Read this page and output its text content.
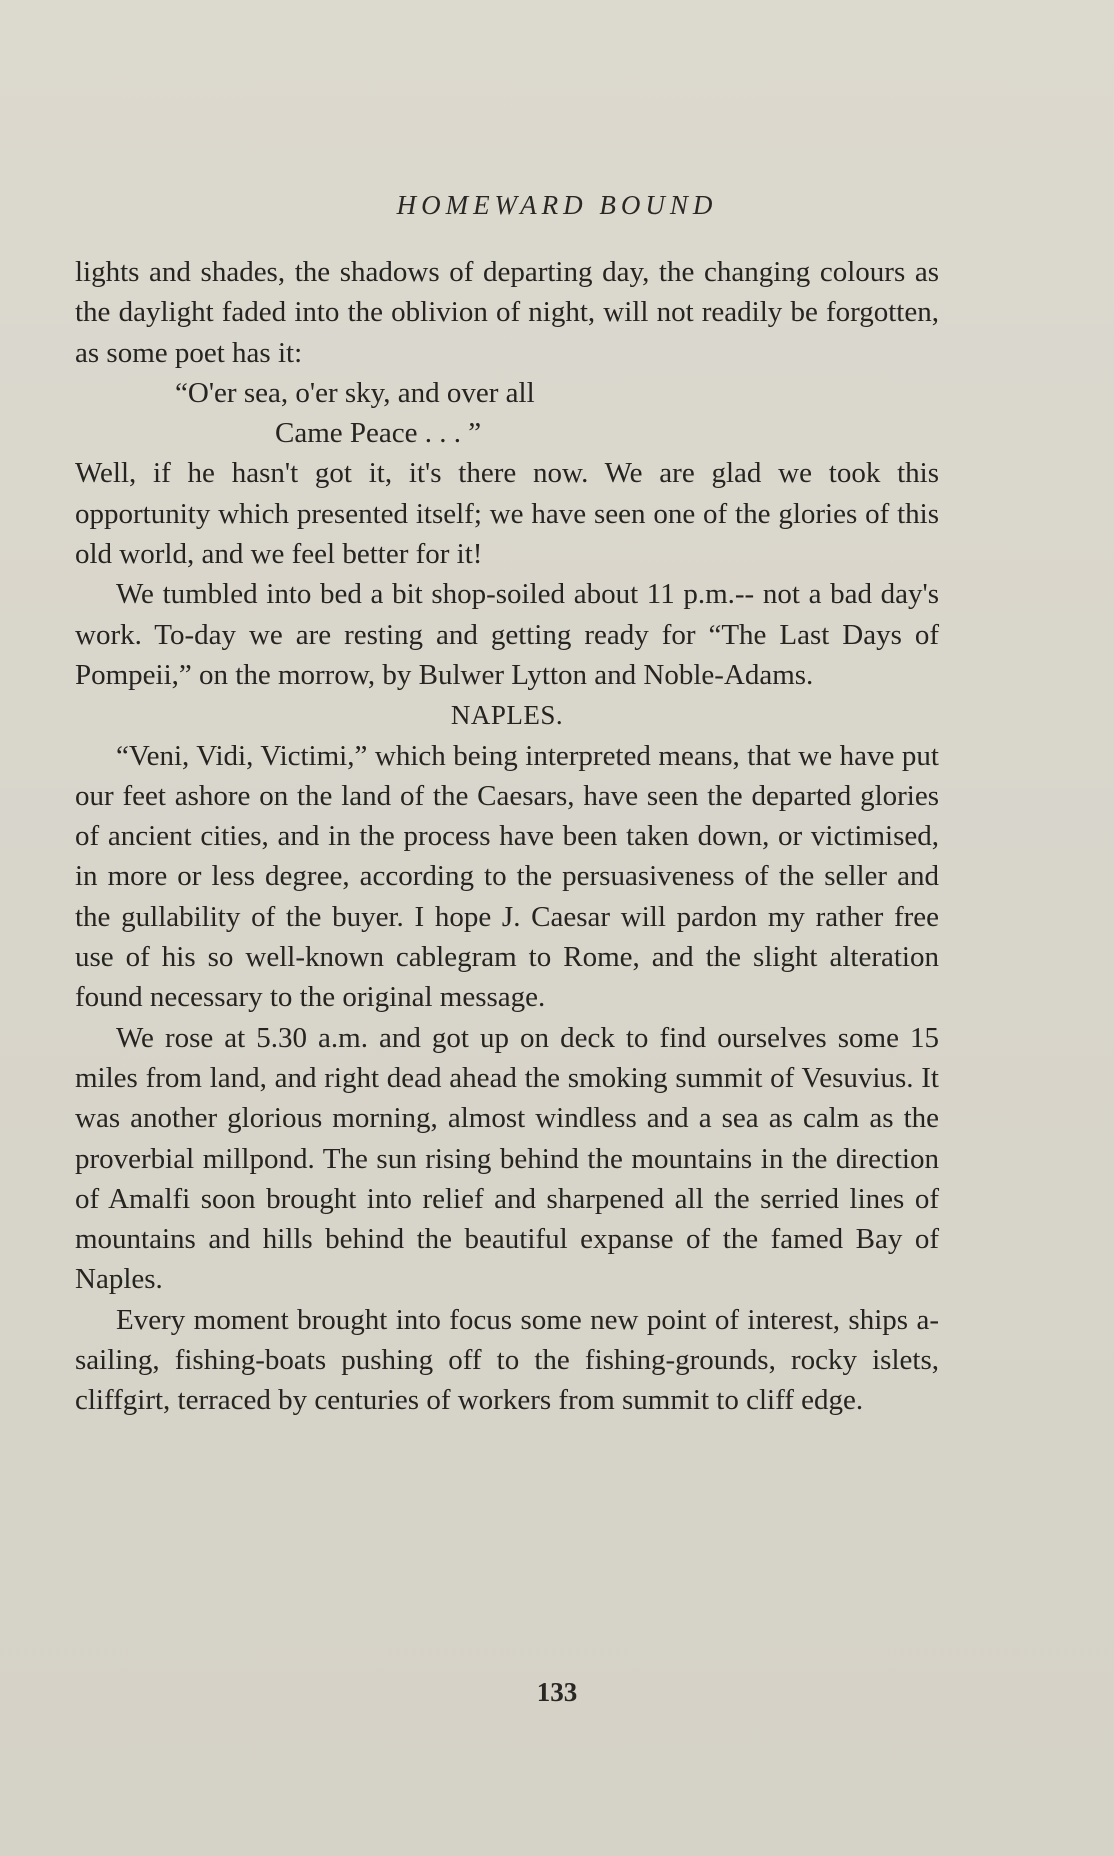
HOMEWARD BOUND

lights and shades, the shadows of departing day, the changing colours as the daylight faded into the oblivion of night, will not readily be forgotten, as some poet has it:

“O'er sea, o'er sky, and over all

Came Peace . . . ”

Well, if he hasn't got it, it's there now. We are glad we took this opportunity which presented itself; we have seen one of the glories of this old world, and we feel better for it!

We tumbled into bed a bit shop-soiled about 11 p.m.-- not a bad day's work. To-day we are resting and getting ready for “The Last Days of Pompeii,” on the morrow, by Bulwer Lytton and Noble-Adams.

NAPLES.

“Veni, Vidi, Victimi,” which being interpreted means, that we have put our feet ashore on the land of the Caesars, have seen the departed glories of ancient cities, and in the process have been taken down, or victimised, in more or less degree, according to the persuasiveness of the seller and the gullability of the buyer. I hope J. Caesar will pardon my rather free use of his so well-known cablegram to Rome, and the slight alteration found necessary to the original message.

We rose at 5.30 a.m. and got up on deck to find ourselves some 15 miles from land, and right dead ahead the smoking summit of Vesuvius. It was another glorious morning, almost windless and a sea as calm as the proverbial millpond. The sun rising behind the mountains in the direction of Amalfi soon brought into relief and sharpened all the serried lines of mountains and hills behind the beautiful expanse of the famed Bay of Naples.

Every moment brought into focus some new point of interest, ships a-sailing, fishing-boats pushing off to the fishing-grounds, rocky islets, cliffgirt, terraced by centuries of workers from summit to cliff edge.

133
